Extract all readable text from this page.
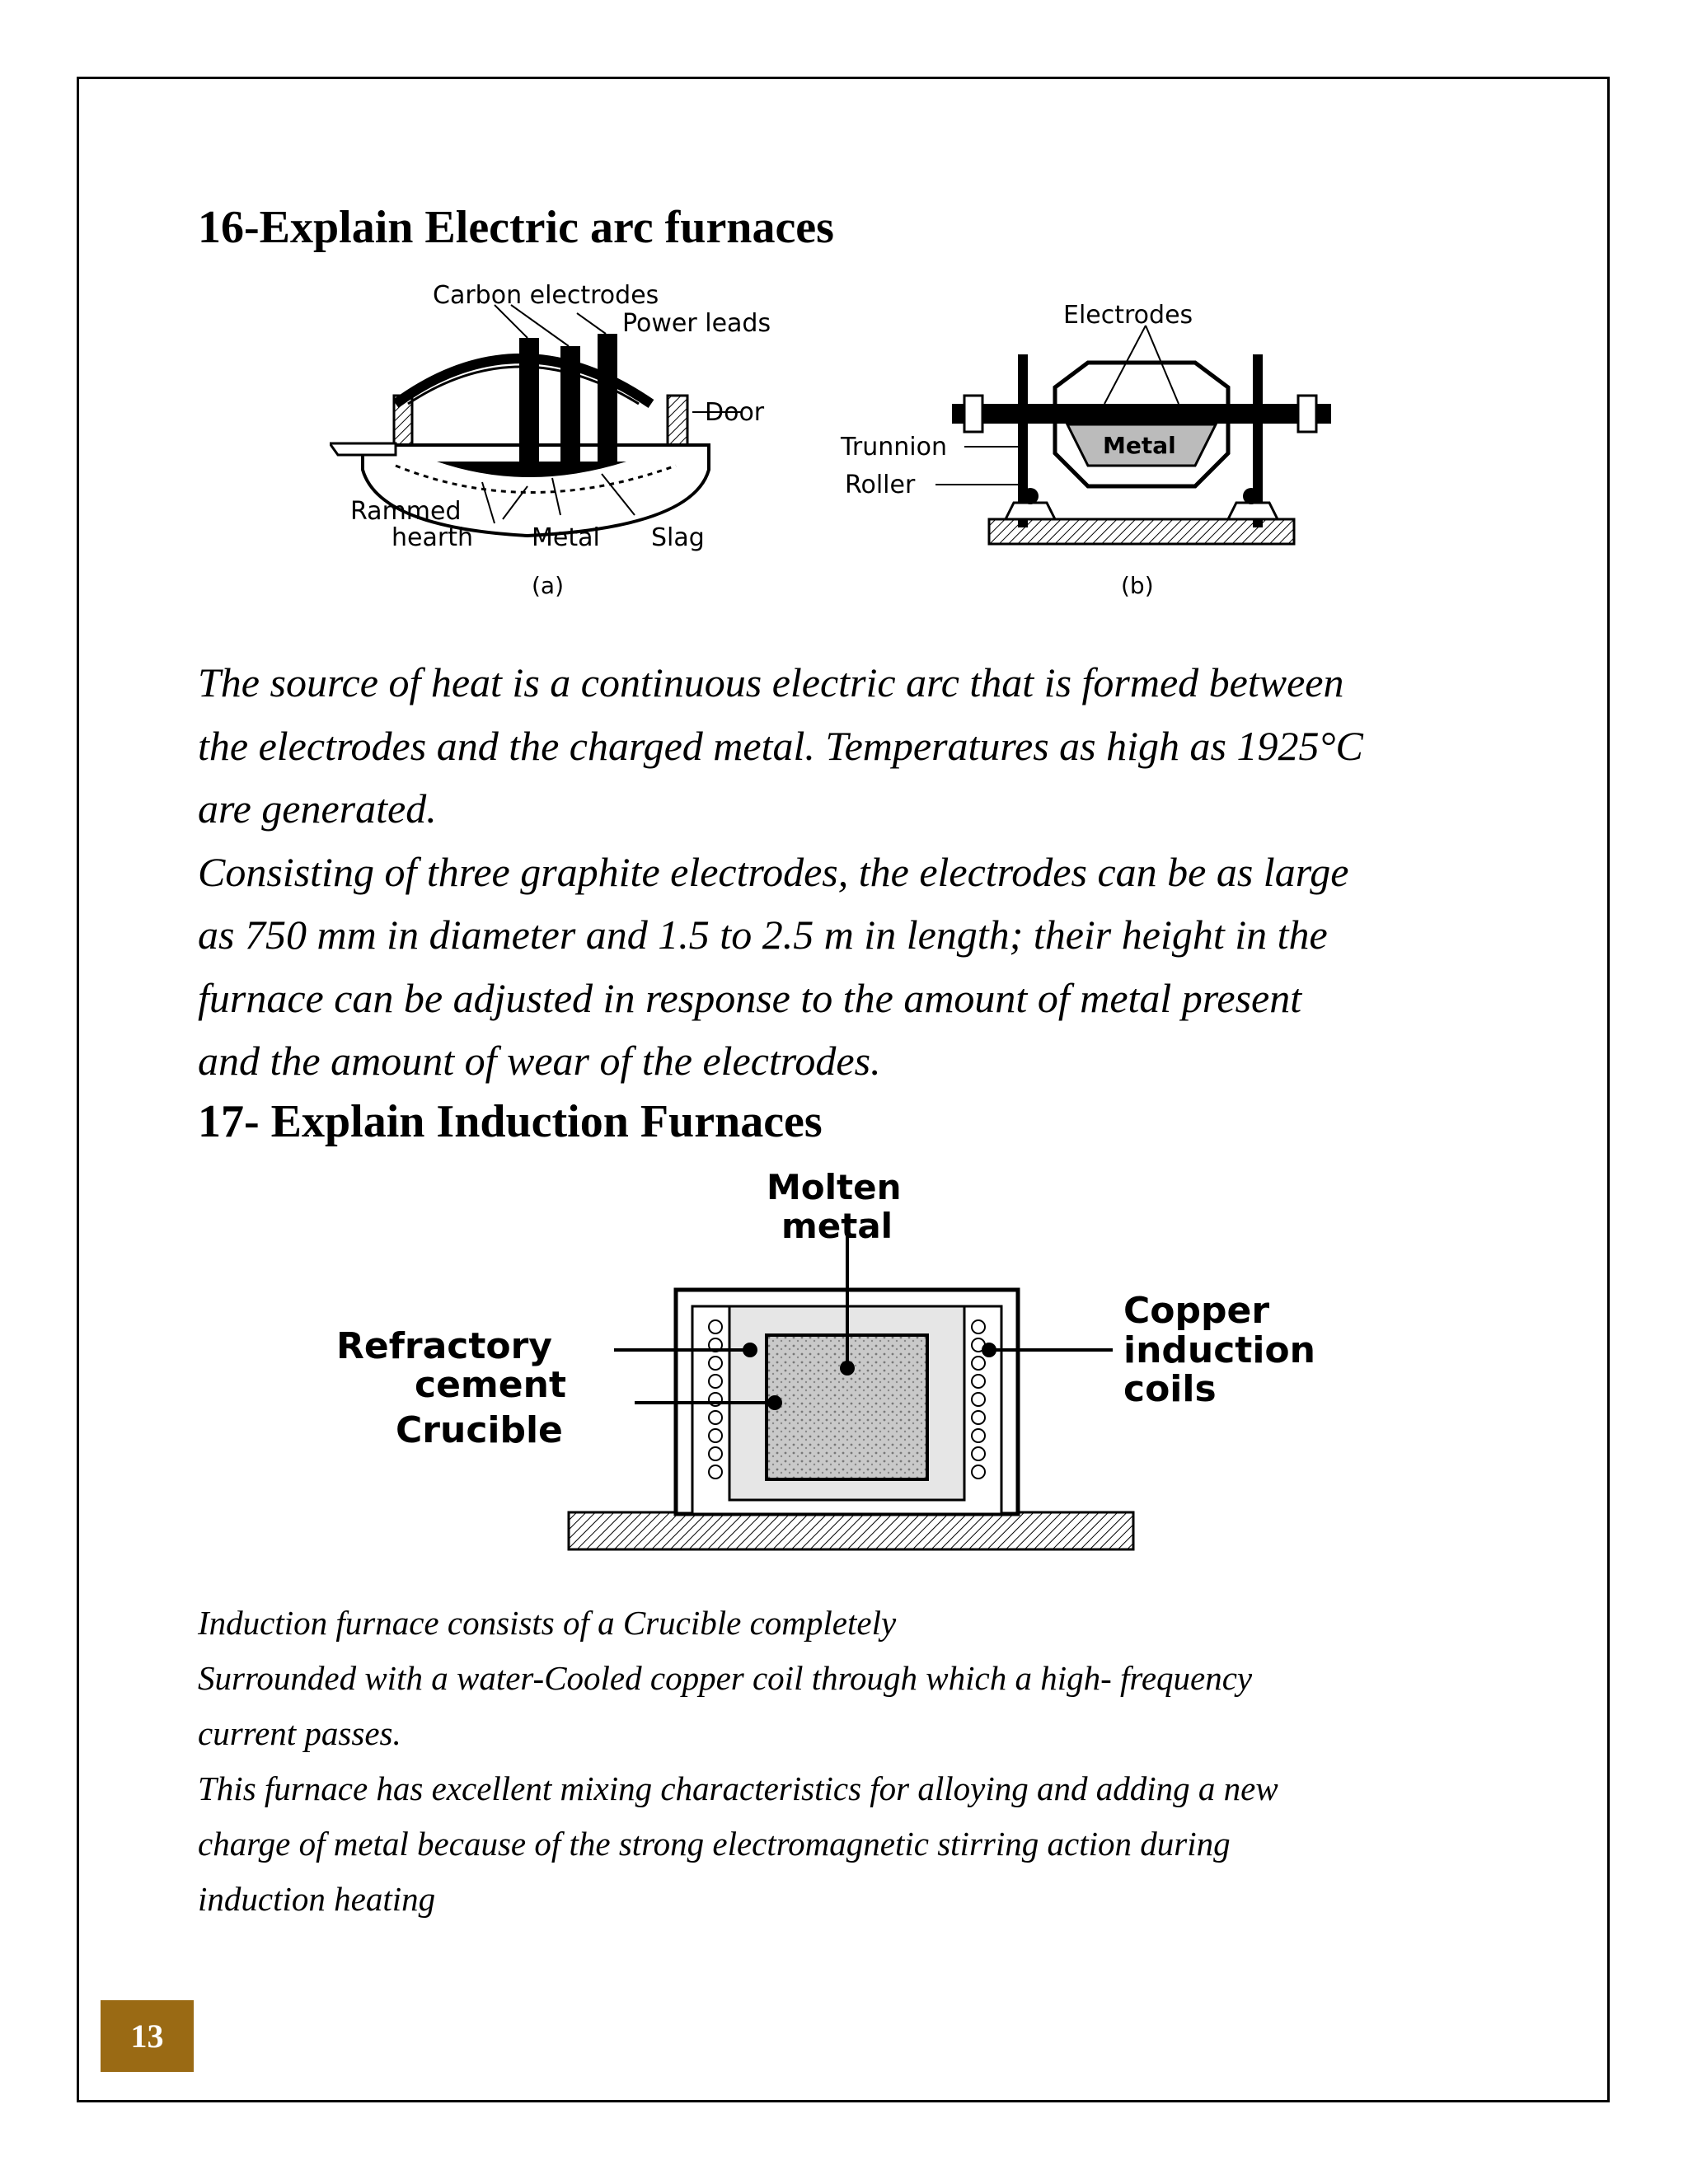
16-Explain Electric arc furnaces
Carbon electrodes
Power leads
Door
Rammed
hearth Metal Slag
(a)
Electrodes
Trunnion
Roller
Metal
(b)
The source of heat is a continuous electric arc that is formed between
the electrodes and the charged metal. Temperatures as high as 1925°C
are generated.
Consisting of three graphite electrodes, the electrodes can be as large
as 750 mm in diameter and 1.5 to 2.5 m in length; their height in the
furnace can be adjusted in response to the amount of metal present
and the amount of wear of the electrodes.
17- Explain Induction Furnaces
Molten
metal
Refractory
cement
Crucible
Copper
induction
coils
Induction furnace consists of a Crucible completely
Surrounded with a water-Cooled copper coil through which a high- frequency
current passes.
This furnace has excellent mixing characteristics for alloying and adding a new
charge of metal because of the strong electromagnetic stirring action during
induction heating
13
